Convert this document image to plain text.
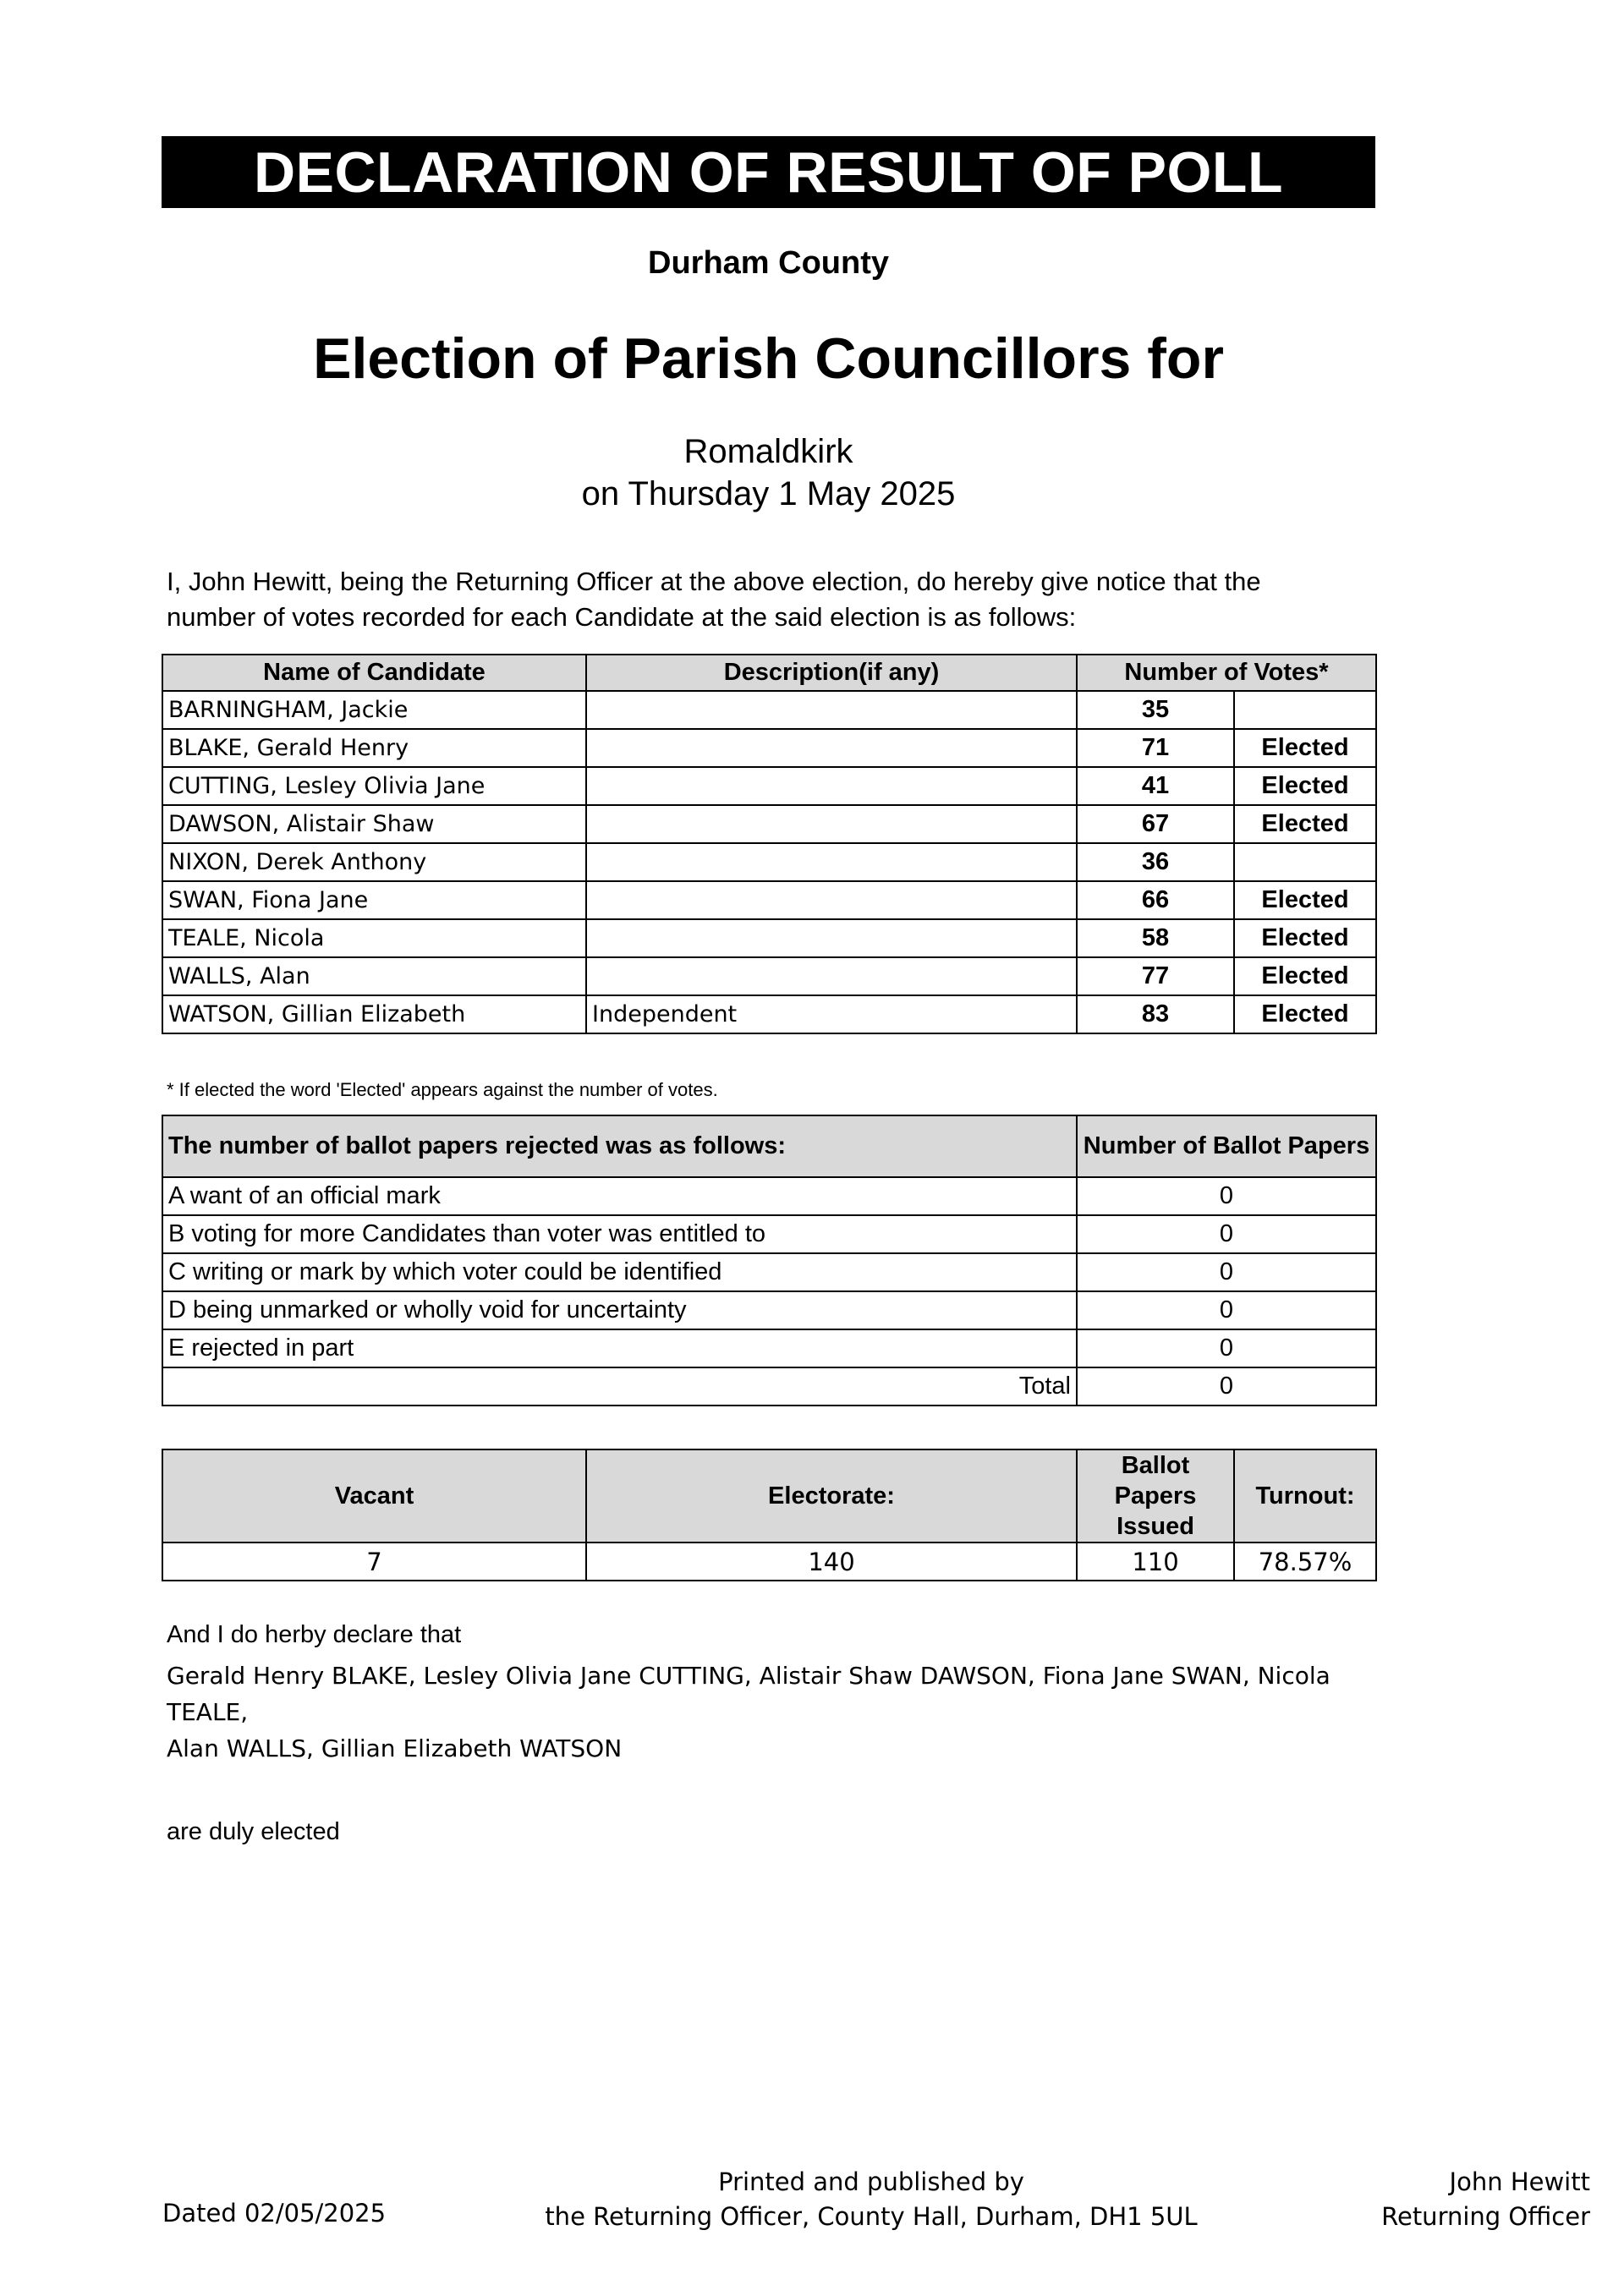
DECLARATION OF RESULT OF POLL
Durham County
Election of Parish Councillors for
Romaldkirk
on Thursday 1 May 2025
I, John Hewitt, being the Returning Officer at the above election, do hereby give notice that the
number of votes recorded for each Candidate at the said election is as follows:
Name of Candidate	Description(if any)	Number of Votes*	
BARNINGHAM, Jackie		35	
BLAKE, Gerald Henry		71	Elected
CUTTING, Lesley Olivia Jane		41	Elected
DAWSON, Alistair Shaw		67	Elected
NIXON, Derek Anthony		36	
SWAN, Fiona Jane		66	Elected
TEALE, Nicola		58	Elected
WALLS, Alan		77	Elected
WATSON, Gillian Elizabeth	Independent	83	Elected
* If elected the word 'Elected' appears against the number of votes.
The number of ballot papers rejected was as follows:	Number of Ballot Papers
A want of an official mark	0
B voting for more Candidates than voter was entitled to	0
C writing or mark by which voter could be identified	0
D being unmarked or wholly void for uncertainty	0
E rejected in part	0
Total	0
Vacant	Electorate:	Ballot Papers Issued	Turnout:
7	140	110	78.57%
And I do herby declare that
Gerald Henry BLAKE, Lesley Olivia Jane CUTTING, Alistair Shaw DAWSON, Fiona Jane SWAN, Nicola TEALE,
Alan WALLS, Gillian Elizabeth WATSON
are duly elected
Dated 02/05/2025
Printed and published by
the Returning Officer, County Hall, Durham, DH1 5UL
John Hewitt
Returning Officer
